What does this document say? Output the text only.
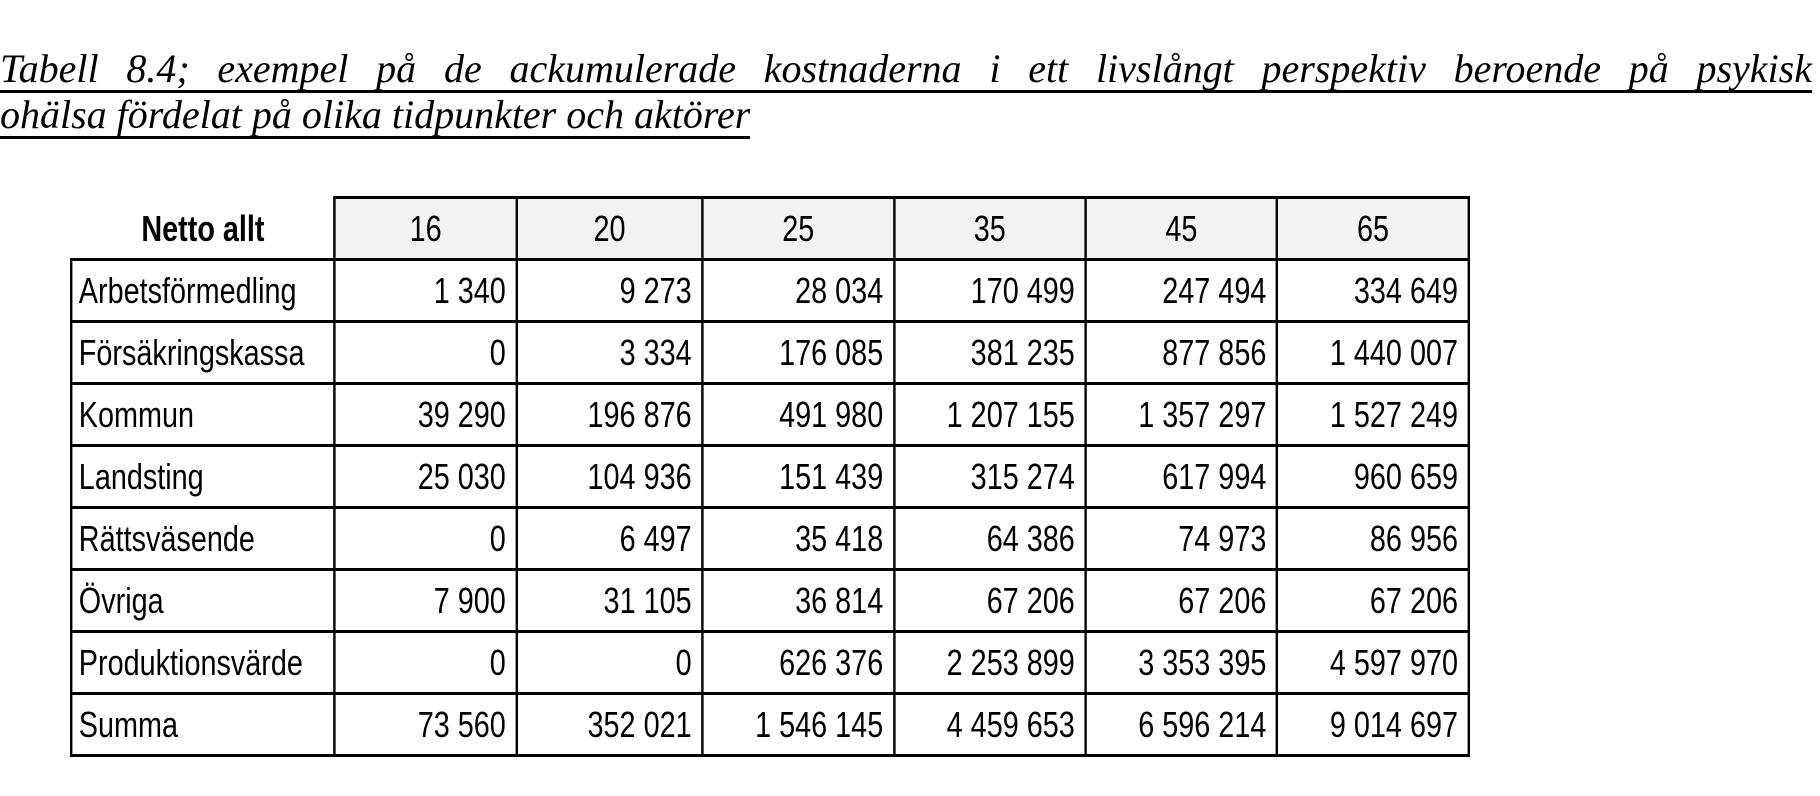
Tabell 8.4; exempel på de ackumulerade kostnaderna i ett livslångt perspektiv beroende på psykisk
ohälsa fördelat på olika tidpunkter och aktörer

Netto allt	16	20	25	35	45	65
Arbetsförmedling	1 340	9 273	28 034	170 499	247 494	334 649
Försäkringskassa	0	3 334	176 085	381 235	877 856	1 440 007
Kommun	39 290	196 876	491 980	1 207 155	1 357 297	1 527 249
Landsting	25 030	104 936	151 439	315 274	617 994	960 659
Rättsväsende	0	6 497	35 418	64 386	74 973	86 956
Övriga	7 900	31 105	36 814	67 206	67 206	67 206
Produktionsvärde	0	0	626 376	2 253 899	3 353 395	4 597 970
Summa	73 560	352 021	1 546 145	4 459 653	6 596 214	9 014 697
